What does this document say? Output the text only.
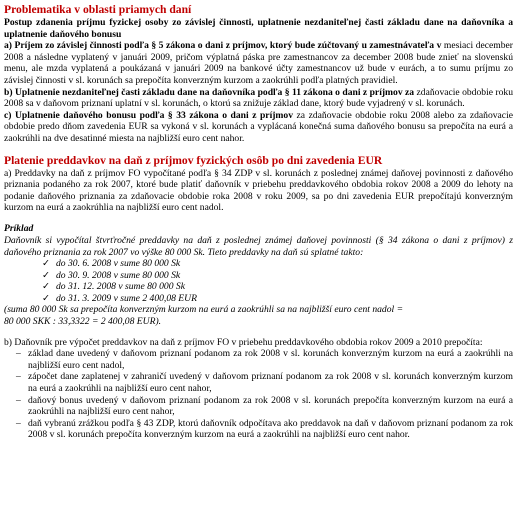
Problematika v oblasti priamych daní

Postup zdanenia príjmu fyzickej osoby zo závislej činnosti, uplatnenie nezdaniteľnej časti základu dane na daňovníka a uplatnenie daňového bonusu

a) Príjem zo závislej činnosti podľa § 5 zákona o dani z príjmov, ktorý bude zúčtovaný u zamestnávateľa v mesiaci december 2008 a následne vyplatený v januári 2009, pričom výplatná páska pre zamestnancov za december 2008 bude znieť na slovenskú menu, ale mzda vyplatená a poukázaná v januári 2009 na bankové účty zamestnancov už bude v eurách, a to sumu príjmu zo závislej činnosti v sl. korunách sa prepočíta konverzným kurzom a zaokrúhli podľa platných pravidiel.

b) Uplatnenie nezdaniteľnej časti základu dane na daňovníka podľa § 11 zákona o dani z príjmov za zdaňovacie obdobie roku 2008 sa v daňovom priznaní uplatní v sl. korunách, o ktorú sa znižuje základ dane, ktorý bude vyjadrený v sl. korunách.

c) Uplatnenie daňového bonusu podľa § 33 zákona o dani z príjmov za zdaňovacie obdobie roku 2008 alebo za zdaňovacie obdobie predo dňom zavedenia EUR sa vykoná v sl. korunách a vyplácaná konečná suma daňového bonusu sa prepočíta na eurá a zaokrúhli na dve desatinné miesta na najbližší euro cent nahor.

Platenie preddavkov na daň z príjmov fyzických osôb po dni zavedenia EUR

a) Preddavky na daň z príjmov FO vypočítané podľa § 34 ZDP v sl. korunách z poslednej známej daňovej povinnosti z daňového priznania podaného za rok 2007, ktoré bude platiť daňovník v priebehu preddavkového obdobia rokov 2008 a 2009 do lehoty na podanie daňového priznania za zdaňovacie obdobie roka 2008 v roku 2009, sa po dni zavedenia EUR prepočítajú konverzným kurzom na eurá a zaokrúhlia na najbližší euro cent nadol.

Príklad

Daňovník si vypočítal štvrťročné preddavky na daň z poslednej známej daňovej povinnosti (§ 34 zákona o dani z príjmov) z daňového priznania za rok 2007 vo výške 80 000 Sk. Tieto preddavky na daň sú splatné takto:

✓ do 30. 6. 2008 v sume 80 000 Sk
✓ do 30. 9. 2008 v sume 80 000 Sk
✓ do 31. 12. 2008 v sume 80 000 Sk
✓ do 31. 3. 2009 v sume 2 400,08 EUR

(suma 80 000 Sk sa prepočíta konverzným kurzom na eurá a zaokrúhli sa na najbližší euro cent nadol =

80 000 SKK : 33,3322 = 2 400,08 EUR).

b) Daňovník pre výpočet preddavkov na daň z príjmov FO v priebehu preddavkového obdobia rokov 2009 a 2010 prepočíta:

– základ dane uvedený v daňovom priznaní podanom za rok 2008 v sl. korunách konverzným kurzom na eurá a zaokrúhli na najbližší euro cent nadol,
– zápočet dane zaplatenej v zahraničí uvedený v daňovom priznaní podanom za rok 2008 v sl. korunách konverzným kurzom na eurá a zaokrúhli na najbližší euro cent nahor,
– daňový bonus uvedený v daňovom priznaní podanom za rok 2008 v sl. korunách prepočíta konverzným kurzom na eurá a zaokrúhli na najbližší euro cent nahor,
– daň vybranú zrážkou podľa § 43 ZDP, ktorú daňovník odpočítava ako preddavok na daň v daňovom priznaní podanom za rok 2008 v sl. korunách prepočíta konverzným kurzom na eurá a zaokrúhli na najbližší euro cent nahor.
